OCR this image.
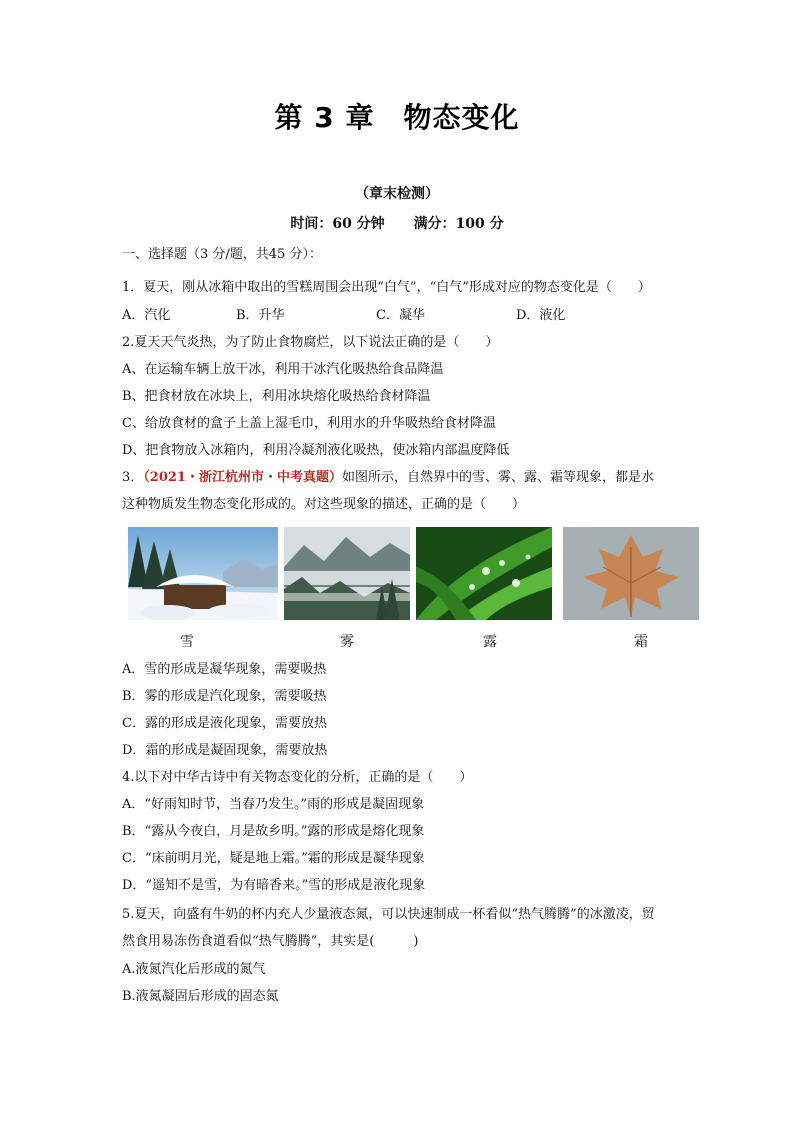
第 3 章　物态变化
（章末检测）
时间：60 分钟 满分：100 分
一、选择题（3 分/题，共45 分）：
1．夏天，刚从冰箱中取出的雪糕周围会出现“白气”，“白气”形成对应的物态变化是（　　）
A．汽化	B．升华	C．凝华	D．液化
2.夏天天气炎热，为了防止食物腐烂，以下说法正确的是（　　）
A、在运输车辆上放干冰，利用干冰汽化吸热给食品降温
B、把食材放在冰块上，利用冰块熔化吸热给食材降温
C、给放食材的盒子上盖上湿毛巾，利用水的升华吸热给食材降温
D、把食物放入冰箱内，利用冷凝剂液化吸热，使冰箱内部温度降低
3．（2021・浙江杭州市・中考真题）如图所示，自然界中的雪、雾、露、霜等现象，都是水
这种物质发生物态变化形成的。对这些现象的描述，正确的是（　　）
雪	雾	露	霜
A．雪的形成是凝华现象，需要吸热
B．雾的形成是汽化现象，需要吸热
C．露的形成是液化现象，需要放热
D．霜的形成是凝固现象，需要放热
4.以下对中华古诗中有关物态变化的分析，正确的是（　　）
A．“好雨知时节，当春乃发生。”雨的形成是凝固现象
B．“露从今夜白，月是故乡明。”露的形成是熔化现象
C．“床前明月光，疑是地上霜。”霜的形成是凝华现象
D．“遥知不是雪，为有暗香来。”雪的形成是液化现象
5.夏天，向盛有牛奶的杯内充人少量液态氮，可以快速制成一杯看似“热气腾腾”的冰激凌，贸
然食用易冻伤食道看似“热气腾腾”，其实是(　　　)
A.液氮汽化后形成的氮气
B.液氮凝固后形成的固态氮
